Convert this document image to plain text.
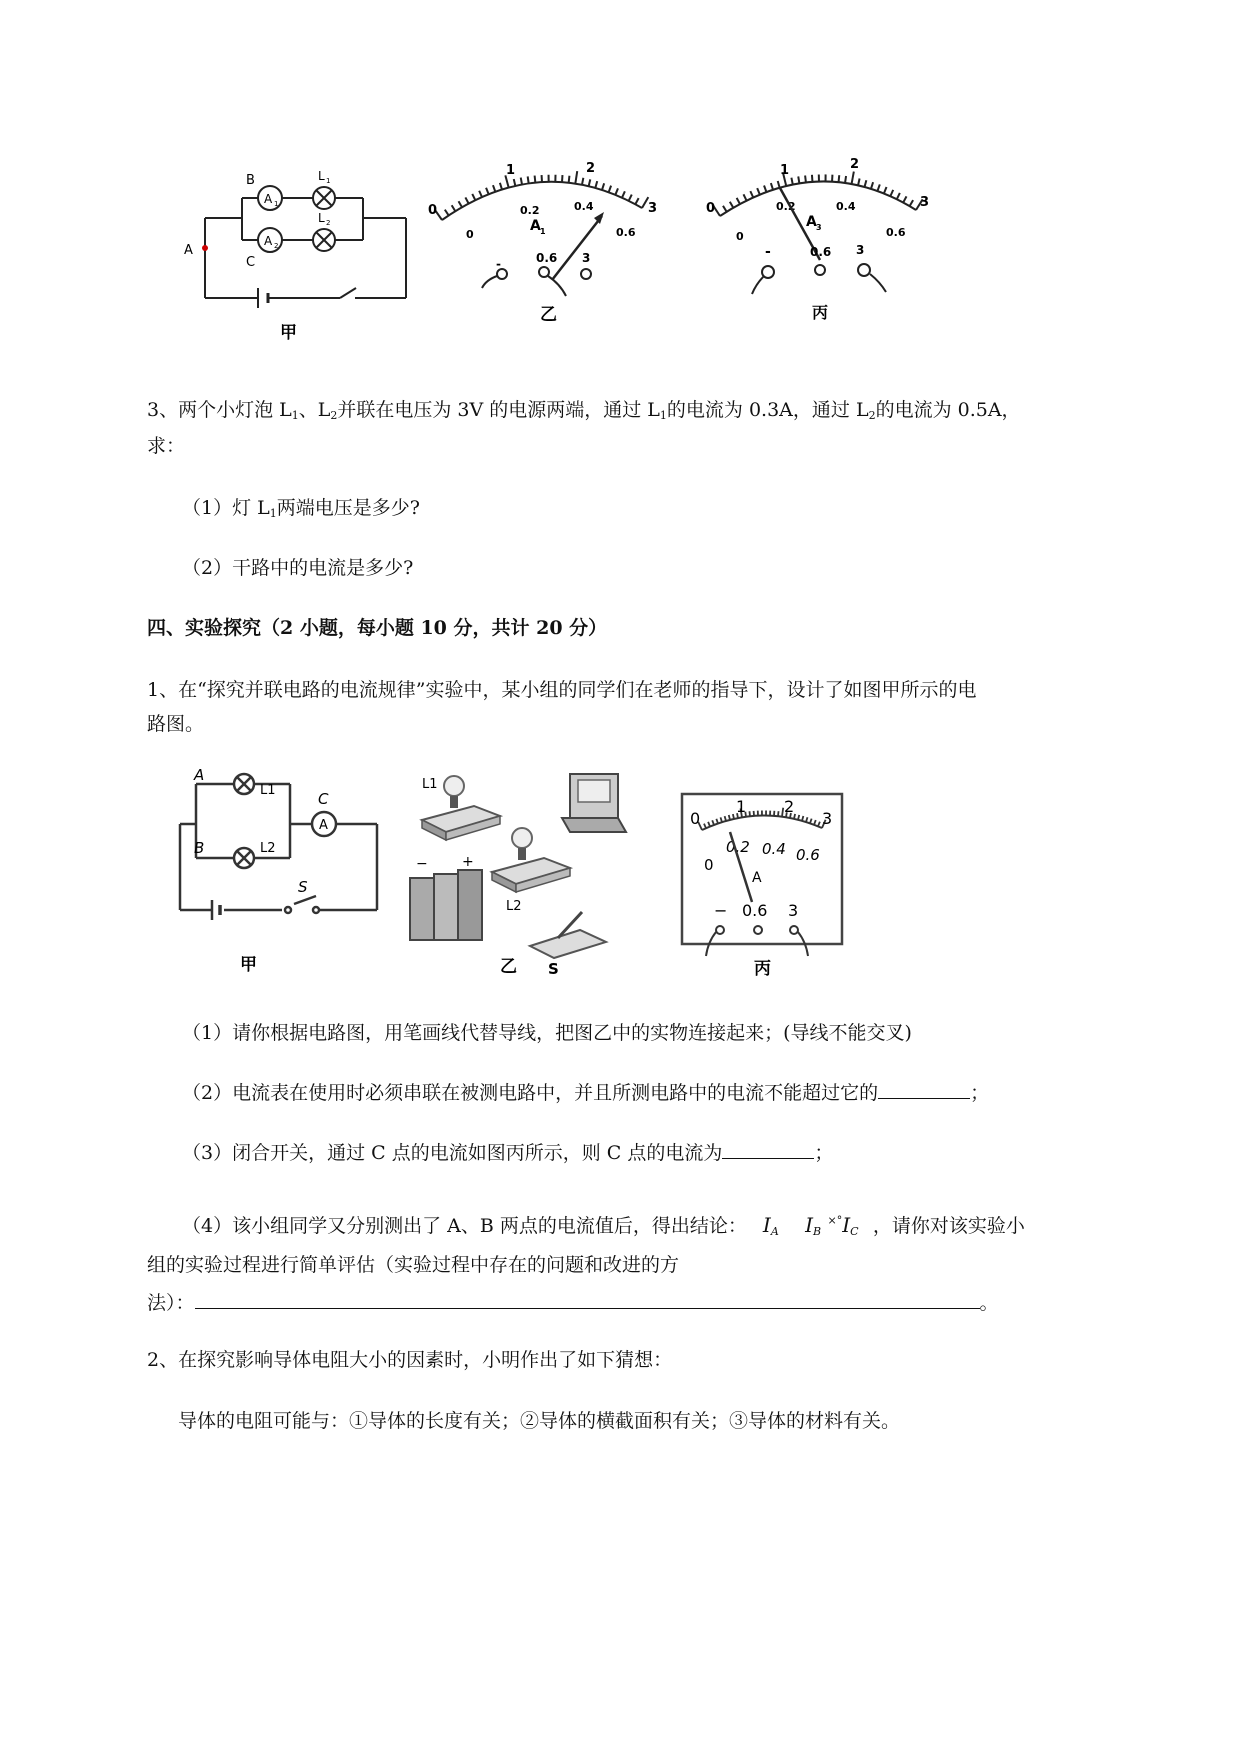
A
B
C
A 1
A 2
L 1
L 2
甲
0
1	2
3
0
0.2	0.4
0.6
A 1
-	0.6 3
乙
0
1	2
3
0
0.2	0.4
0.6
A 3
-	0.6 3
丙
3、两个小灯泡 $L_1$、$L_2$并联在电压为 3V 的电源两端，通过 $L_1$的电流为 0.3A，通过 $L_2$的电流为 0.5A，
求：
（1）灯 $L_1$两端电压是多少?
（2）干路中的电流是多少?
四、实验探究（2 小题，每小题 10 分，共计 20 分）
1、在“探究并联电路的电流规律”实验中，某小组的同学们在老师的指导下，设计了如图甲所示的电
路图。
A
B
C
L1
L2
A
S
甲
L1
L2
− +
S
乙
0
1 2
3
0
0.2 0.4 0.6
A
− 0.6 3
丙
（1）请你根据电路图，用笔画线代替导线，把图乙中的实物连接起来；(导线不能交叉)
（2）电流表在使用时必须串联在被测电路中，并且所测电路中的电流不能超过它的	；
（3）闭合开关，通过 C 点的电流如图丙所示，则 C 点的电流为	；
（4）该小组同学又分别测出了 A、B 两点的电流值后，得出结论： $I_A$ $I_B$ $^{\times^\circ}I_C$ ，请你对该实验小
组的实验过程进行简单评估（实验过程中存在的问题和改进的方
法）：	。
2、在探究影响导体电阻大小的因素时，小明作出了如下猜想：
导体的电阻可能与：①导体的长度有关；②导体的横截面积有关；③导体的材料有关。
